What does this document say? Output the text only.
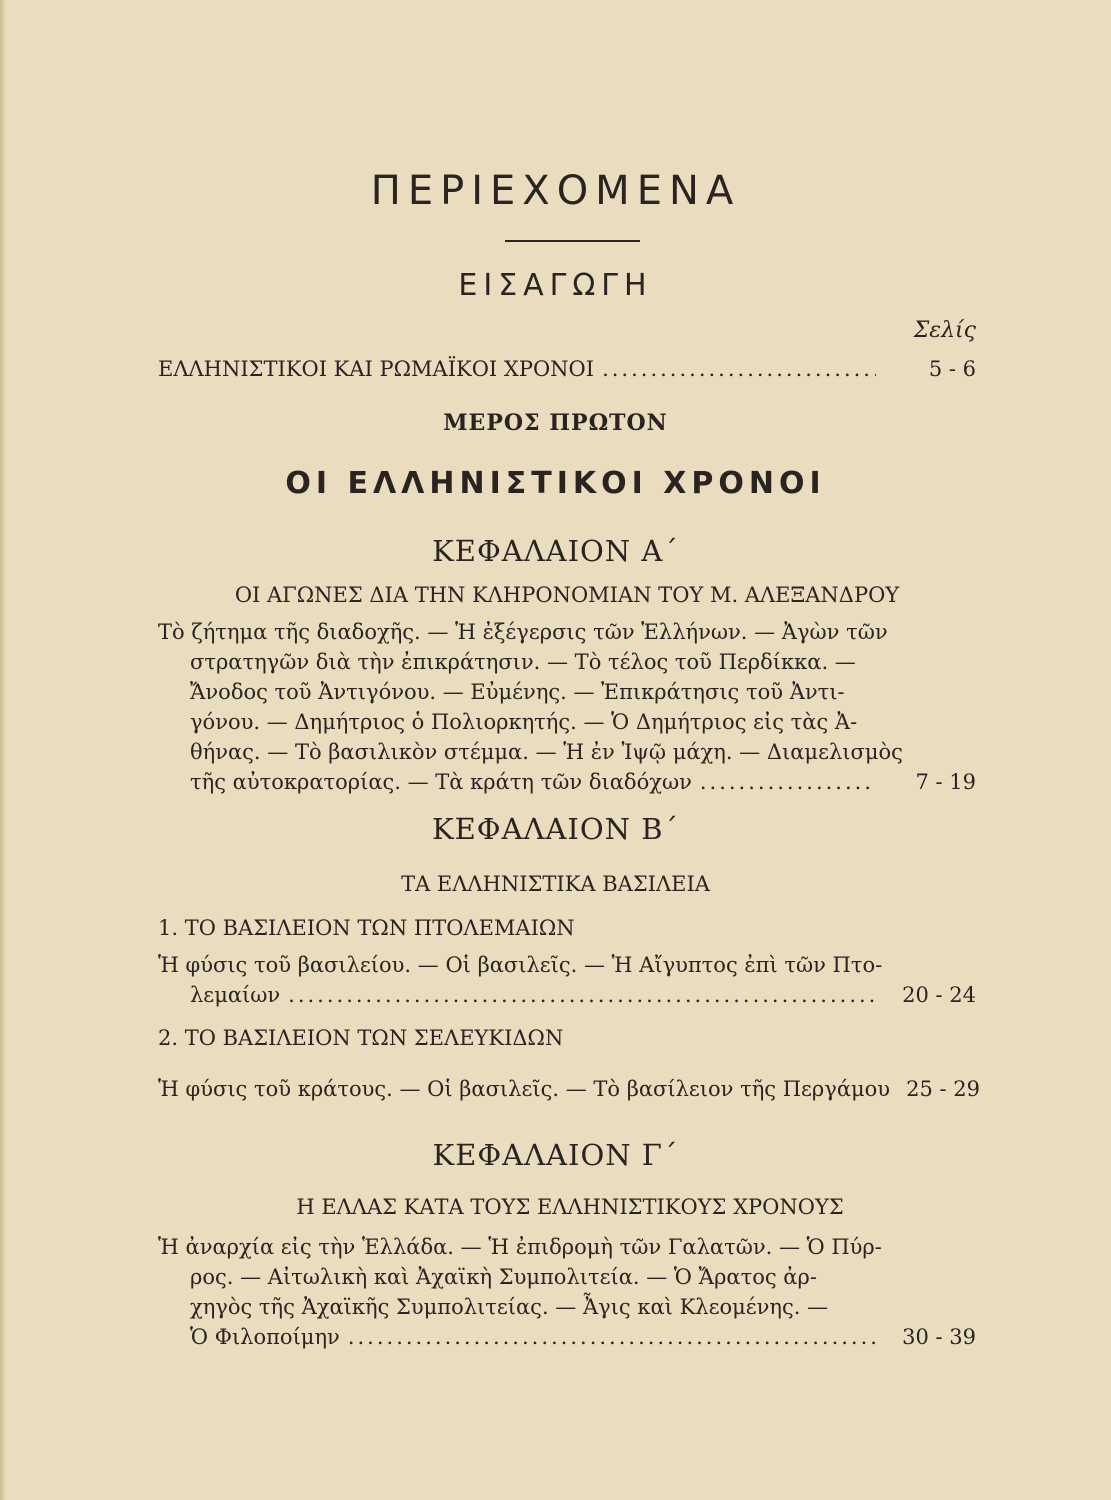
ΠΕΡΙΕΧΟΜΕΝΑ
ΕΙΣΑΓΩΓΗ
Σελίς
ΕΛΛΗΝΙΣΤΙΚΟΙ ΚΑΙ ΡΩΜΑΪΚΟΙ ΧΡΟΝΟΙ .....	5 - 6
ΜΕΡΟΣ ΠΡΩΤΟΝ
ΟΙ ΕΛΛΗΝΙΣΤΙΚΟΙ ΧΡΟΝΟΙ
ΚΕΦΑΛΑΙΟΝ Α΄
ΟΙ ΑΓΩΝΕΣ ΔΙΑ ΤΗΝ ΚΛΗΡΟΝΟΜΙΑΝ ΤΟΥ Μ. ΑΛΕΞΑΝΔΡΟΥ
Τὸ ζήτημα τῆς διαδοχῆς. — Ἡ ἐξέγερσις τῶν Ἑλλήνων. — Ἀγὼν τῶν
στρατηγῶν διὰ τὴν ἐπικράτησιν. — Τὸ τέλος τοῦ Περδίκκα. —
Ἄνοδος τοῦ Ἀντιγόνου. — Εὐμένης. — Ἐπικράτησις τοῦ Ἀντι-
γόνου. — Δημήτριος ὁ Πολιορκητής. — Ὁ Δημήτριος εἰς τὰς Ἀ-
θήνας. — Τὸ βασιλικὸν στέμμα. — Ἡ ἐν Ἰψῷ μάχη. — Διαμελισμὸς
τῆς αὐτοκρατορίας. — Τὰ κράτη τῶν διαδόχων .....	7 - 19
ΚΕΦΑΛΑΙΟΝ Β΄
ΤΑ ΕΛΛΗΝΙΣΤΙΚΑ ΒΑΣΙΛΕΙΑ
1. ΤΟ ΒΑΣΙΛΕΙΟΝ ΤΩΝ ΠΤΟΛΕΜΑΙΩΝ
Ἡ φύσις τοῦ βασιλείου. — Οἱ βασιλεῖς. — Ἡ Αἴγυπτος ἐπὶ τῶν Πτο-
λεμαίων .....	20 - 24
2. ΤΟ ΒΑΣΙΛΕΙΟΝ ΤΩΝ ΣΕΛΕΥΚΙΔΩΝ
Ἡ φύσις τοῦ κράτους. — Οἱ βασιλεῖς. — Τὸ βασίλειον τῆς Περγάμου 25 - 29
ΚΕΦΑΛΑΙΟΝ Γ΄
Η ΕΛΛΑΣ ΚΑΤΑ ΤΟΥΣ ΕΛΛΗΝΙΣΤΙΚΟΥΣ ΧΡΟΝΟΥΣ
Ἡ ἀναρχία εἰς τὴν Ἑλλάδα. — Ἡ ἐπιδρομὴ τῶν Γαλατῶν. — Ὁ Πύρ-
ρος. — Αἰτωλικὴ καὶ Ἀχαϊκὴ Συμπολιτεία. — Ὁ Ἄρατος ἀρ-
χηγὸς τῆς Ἀχαϊκῆς Συμπολιτείας. — Ἆγις καὶ Κλεομένης. —
Ὁ Φιλοποίμην .....	30 - 39
